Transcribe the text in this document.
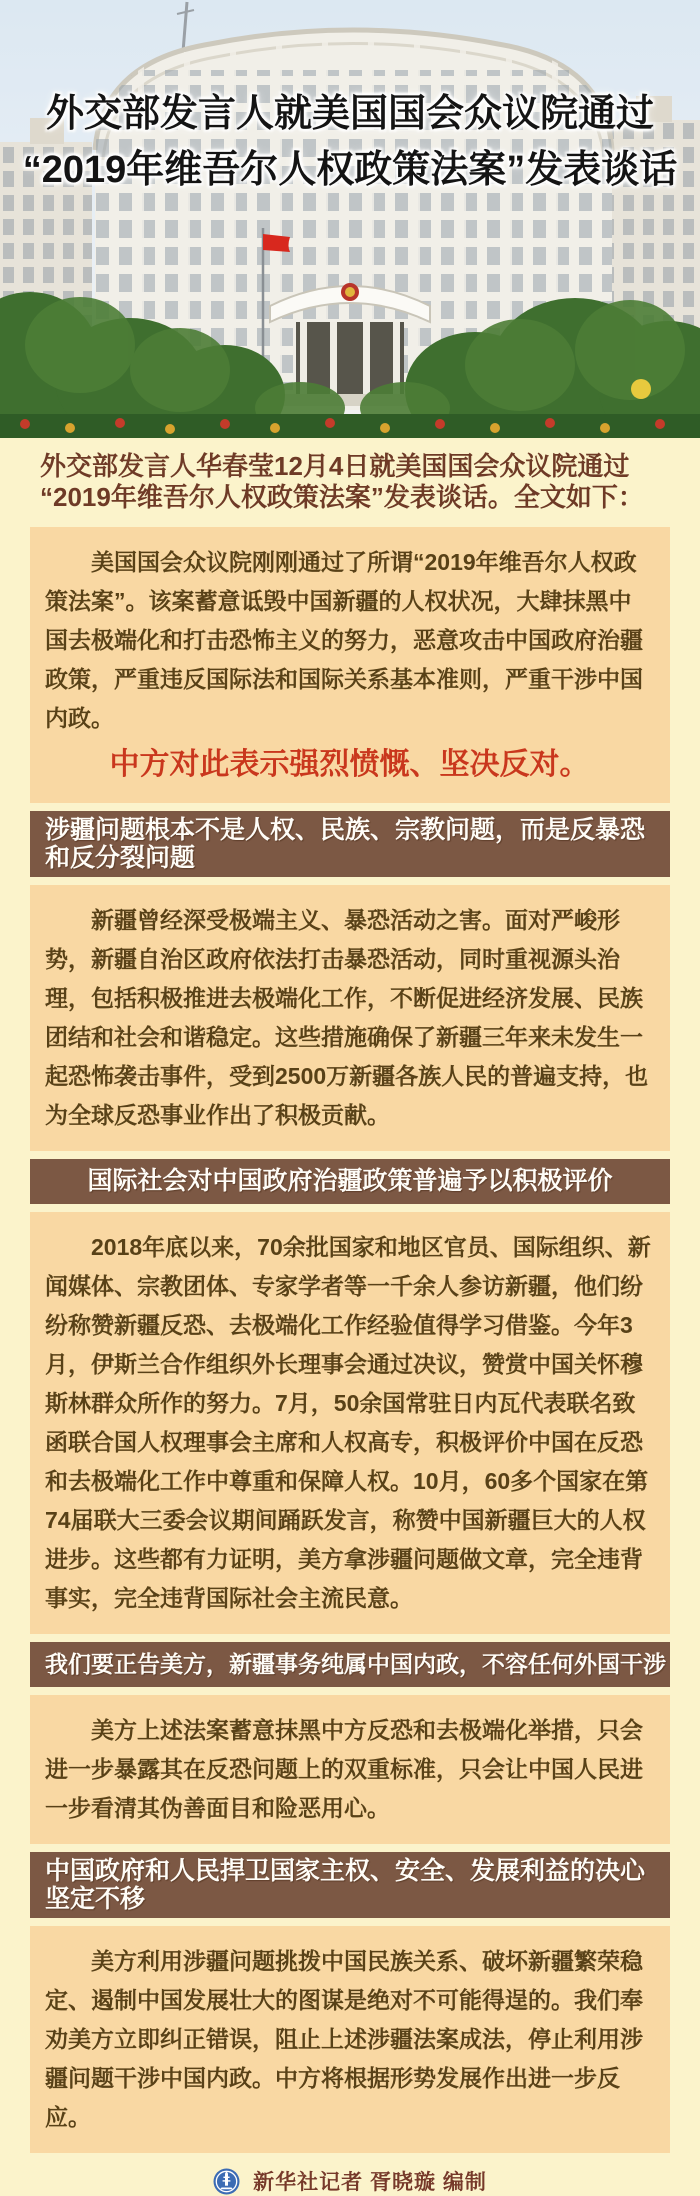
外交部发言人就美国国会众议院通过
“2019年维吾尔人权政策法案”发表谈话
外交部发言人华春莹12月4日就美国国会众议院通过“2019年维吾尔人权政策法案”发表谈话。全文如下：

美国国会众议院刚刚通过了所谓“2019年维吾尔人权政策法案”。该案蓄意诋毁中国新疆的人权状况，大肆抹黑中国去极端化和打击恐怖主义的努力，恶意攻击中国政府治疆政策，严重违反国际法和国际关系基本准则，严重干涉中国内政。

中方对此表示强烈愤慨、坚决反对。
涉疆问题根本不是人权、民族、宗教问题，而是反暴恐和反分裂问题

新疆曾经深受极端主义、暴恐活动之害。面对严峻形势，新疆自治区政府依法打击暴恐活动，同时重视源头治理，包括积极推进去极端化工作，不断促进经济发展、民族团结和社会和谐稳定。这些措施确保了新疆三年来未发生一起恐怖袭击事件，受到2500万新疆各族人民的普遍支持，也为全球反恐事业作出了积极贡献。

国际社会对中国政府治疆政策普遍予以积极评价

2018年底以来，70余批国家和地区官员、国际组织、新闻媒体、宗教团体、专家学者等一千余人参访新疆，他们纷纷称赞新疆反恐、去极端化工作经验值得学习借鉴。今年3月，伊斯兰合作组织外长理事会通过决议，赞赏中国关怀穆斯林群众所作的努力。7月，50余国常驻日内瓦代表联名致函联合国人权理事会主席和人权高专，积极评价中国在反恐和去极端化工作中尊重和保障人权。10月，60多个国家在第74届联大三委会议期间踊跃发言，称赞中国新疆巨大的人权进步。这些都有力证明，美方拿涉疆问题做文章，完全违背事实，完全违背国际社会主流民意。

我们要正告美方，新疆事务纯属中国内政，不容任何外国干涉

美方上述法案蓄意抹黑中方反恐和去极端化举措，只会进一步暴露其在反恐问题上的双重标准，只会让中国人民进一步看清其伪善面目和险恶用心。

中国政府和人民捍卫国家主权、安全、发展利益的决心坚定不移

美方利用涉疆问题挑拨中国民族关系、破坏新疆繁荣稳定、遏制中国发展壮大的图谋是绝对不可能得逞的。我们奉劝美方立即纠正错误，阻止上述涉疆法案成法，停止利用涉疆问题干涉中国内政。中方将根据形势发展作出进一步反应。

新华社记者 胥晓璇 编制
